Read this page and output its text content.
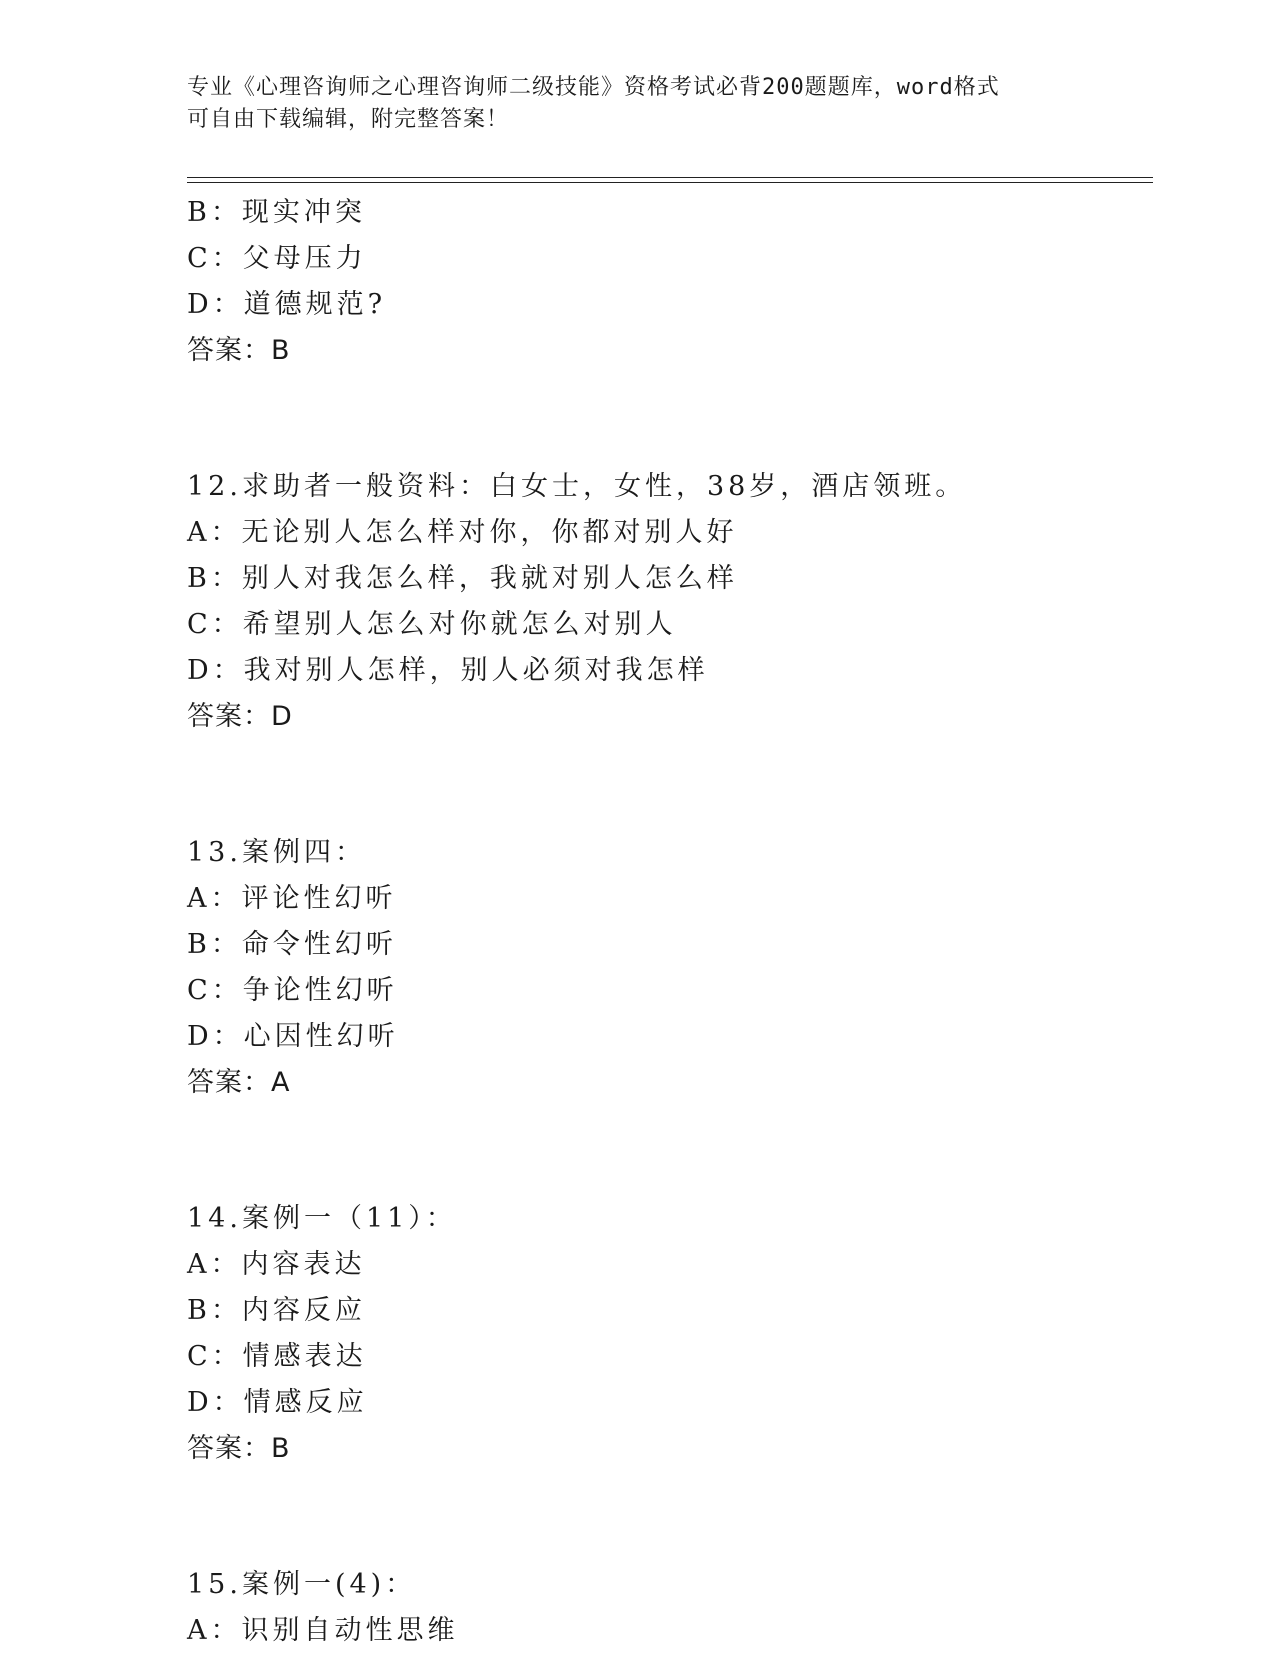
专业《心理咨询师之心理咨询师二级技能》资格考试必背200题题库，word格式
可自由下载编辑，附完整答案！
B：现实冲突
C：父母压力
D：道德规范?
答案：B
12.求助者一般资料：白女士，女性，38岁，酒店领班。
A：无论别人怎么样对你，你都对别人好
B：别人对我怎么样，我就对别人怎么样
C：希望别人怎么对你就怎么对别人
D：我对别人怎样，别人必须对我怎样
答案：D
13.案例四：
A：评论性幻听
B：命令性幻听
C：争论性幻听
D：心因性幻听
答案：A
14.案例一（11）：
A：内容表达
B：内容反应
C：情感表达
D：情感反应
答案：B
15.案例一(4)：
A：识别自动性思维
